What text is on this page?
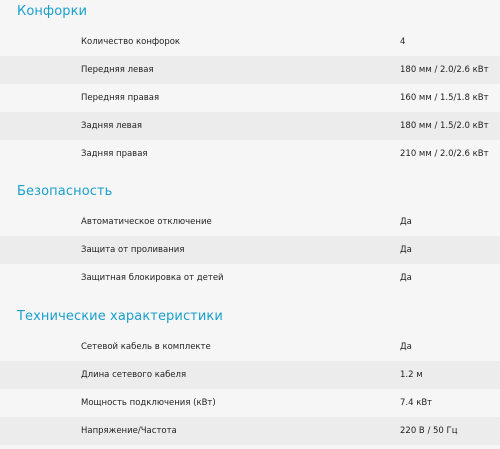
Конфорки
Количество конфорок	4
Передняя левая	180 мм / 2.0/2.6 кВт
Передняя правая	160 мм / 1.5/1.8 кВт
Задняя левая	180 мм / 1.5/2.0 кВт
Задняя правая	210 мм / 2.0/2.6 кВт
Безопасность
Автоматическое отключение	Да
Защита от проливания	Да
Защитная блокировка от детей	Да
Технические характеристики
Сетевой кабель в комплекте	Да
Длина сетевого кабеля	1.2 м
Мощность подключения (кВт)	7.4 кВт
Напряжение/Частота	220 В / 50 Гц
